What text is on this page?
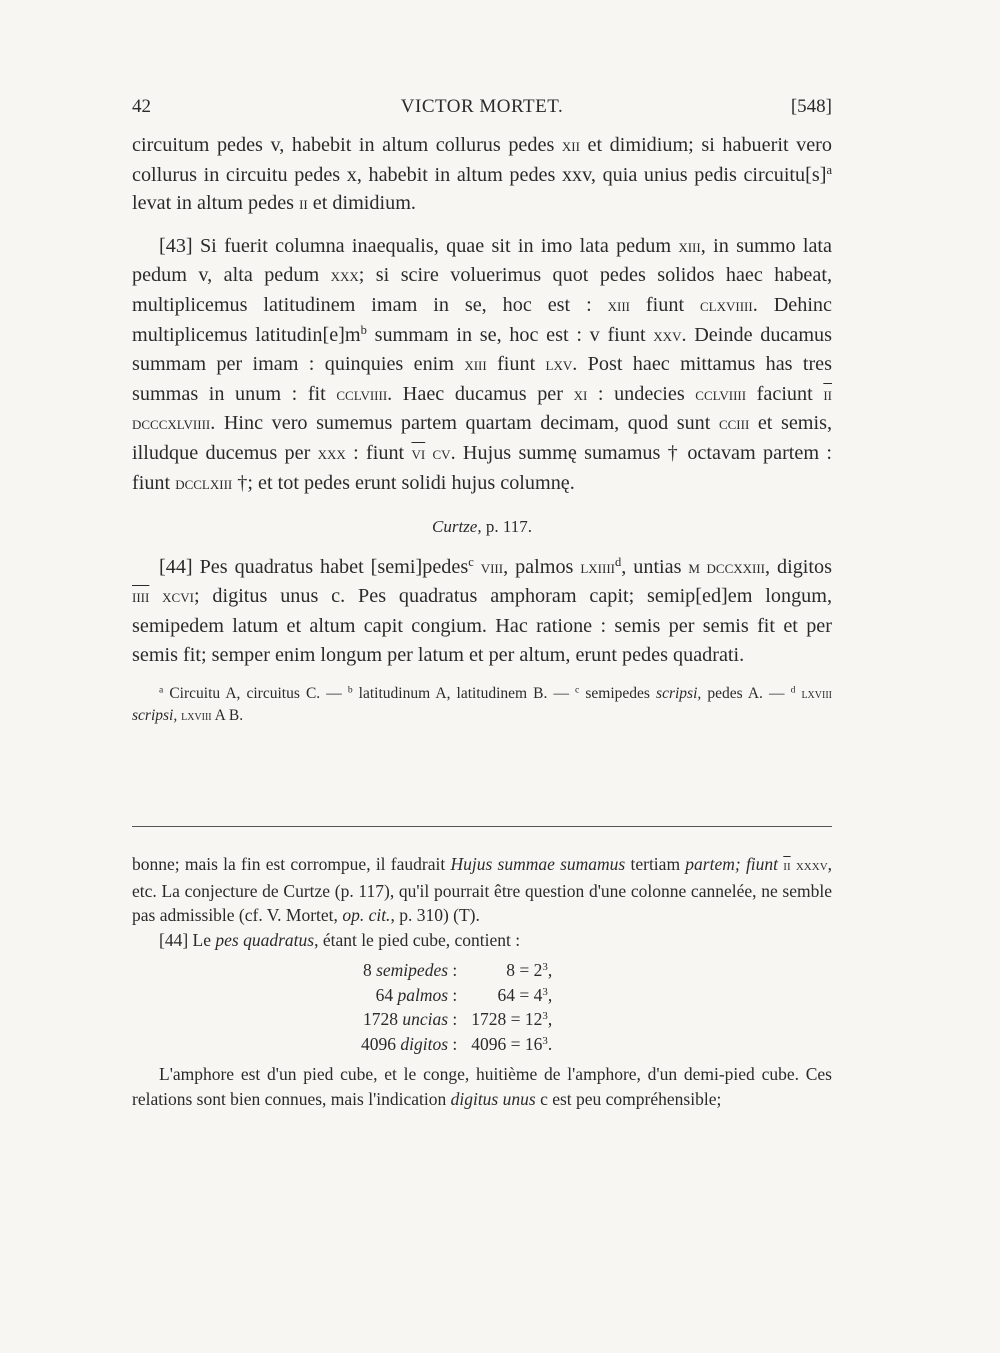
42	VICTOR MORTET.	[548]

circuitum pedes v, habebit in altum collurus pedes xii et dimidium; si habuerit vero collurus in circuitu pedes x, habebit in altum pedes xxv, quia unius pedis $circuitu[s]^a$ levat in altum pedes ii et dimidium.

[43] Si fuerit columna inaequalis, quae sit in imo lata pedum xiii, in summo lata pedum v, alta pedum xxx; si scire voluerimus quot pedes solidos haec habeat, multiplicemus latitudinem imam in se, hoc est : xiii fiunt clxviiii. Dehinc multiplicemus $latitudin[e]m^b$ summam in se, hoc est : v fiunt xxv. Deinde ducamus summam per imam : quinquies enim xiii fiunt lxv. Post haec mittamus has tres summas in unum : fit cclviiii. Haec ducamus per xi : undecies cclviiii faciunt $\overline{ii}$ dcccxlviiii. Hinc vero sumemus partem quartam decimam, quod sunt cciii et semis, illudque ducemus per xxx : fiunt $\overline{vi}$ cv. Hujus summę sumamus † octavam partem : fiunt dcclxiii †; et tot pedes erunt solidi hujus columnę.

Curtze, p. 117.

[44] Pes quadratus habet [semi]pedes$^c$ viii, palmos lxiiii$^d$, untias m dccxxiii, digitos iiii xcvi; digitus unus c. Pes quadratus amphoram capit; semip[ed]em longum, semipedem latum et altum capit congium. Hac ratione : semis per semis fit et per semis fit; semper enim longum per latum et per altum, erunt pedes quadrati.

$^a$ Circuitu A, circuitus C. — $^b$ latitudinum A, latitudinem B. — $^c$ semipedes scripsi, pedes A. — $^d$ lxviii scripsi, lxviii A B.

bonne; mais la fin est corrompue, il faudrait Hujus summae sumamus tertiam partem; fiunt $\overline{ii}$ xxxv, etc. La conjecture de Curtze (p. 117), qu'il pourrait être question d'une colonne cannelée, ne semble pas admissible (cf. V. Mortet, op. cit., p. 310) (T).

[44] Le pes quadratus, étant le pied cube, contient :

8 semipedes :	$8 = 2^3$,
64 palmos :	$64 = 4^3$,
1728 uncias :	$1728 = 12^3$,
4096 digitos :	$4096 = 16^3$.

L'amphore est d'un pied cube, et le conge, huitième de l'amphore, d'un demi-pied cube. Ces relations sont bien connues, mais l'indication digitus unus c est peu compréhensible;
